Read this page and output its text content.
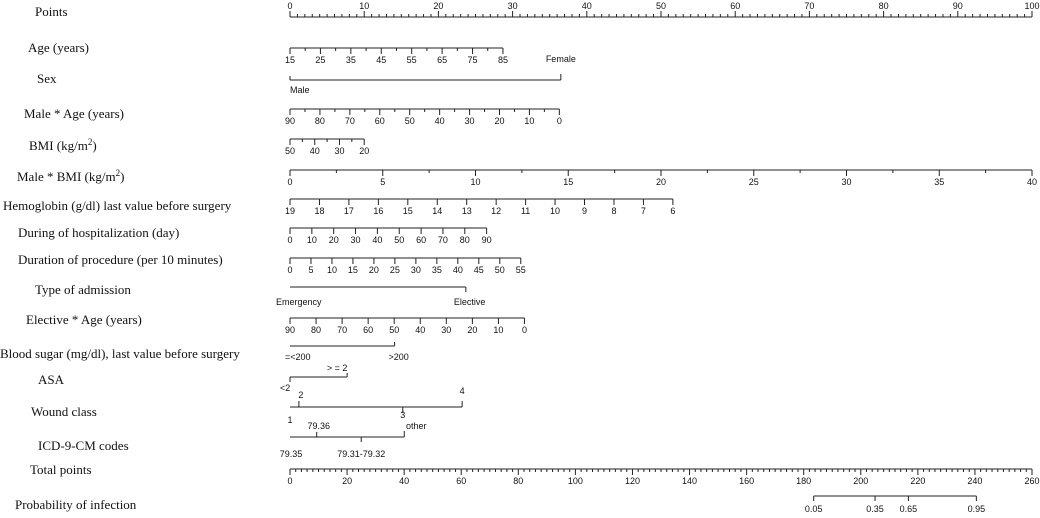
Points
Age (years)
Sex
Male * Age (years)
BMI $(kg/m^2)$
Male * BMI $(kg/m^2)$
Hemoglobin (g/dl) last value before surgery
During of hospitalization (day)
Duration of procedure (per 10 minutes)
Type of admission
Elective * Age (years)
Blood sugar (mg/dl), last value before surgery
ASA
Wound class
ICD-9-CM codes
Total points
Probability of infection
0	10	20	30	40	50	60	70	80	90	100
15 25 35 45 55 65 75 85
Male
Female
90 80 70 60 50 40 30 20 10 0
50 40 30 20
0	5	10	15	20	25	30	35	40
19 18 17 16 15 14 13 12 11 10 9	8	7	6
0 10 20 30 40 50 60 70 80 90
0 5 10 15 20 25 30 35 40 45 50 55
Emergency	Elective
90 80 70 60 50 40 30 20 10 0
=<200	>200
<2
> = 2
2	4
1	3
other
79.36
79.35	79.31-79.32
0	20	40	60	80	100	120	140	160	180	200	220	240	260
0.05	0.35 0.65	0.95
